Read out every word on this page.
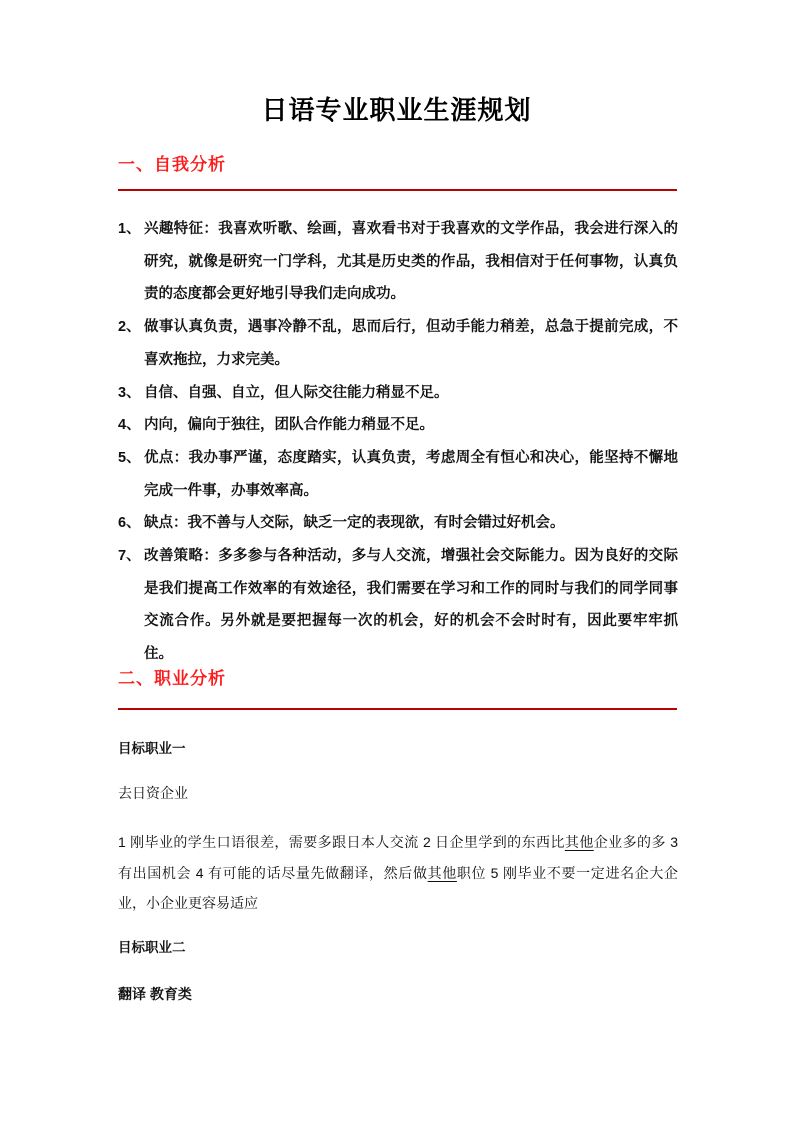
日语专业职业生涯规划
一、自我分析
1、 兴趣特征：我喜欢听歌、绘画，喜欢看书对于我喜欢的文学作品，我会进行深入的研究，就像是研究一门学科，尤其是历史类的作品，我相信对于任何事物，认真负责的态度都会更好地引导我们走向成功。
2、 做事认真负责，遇事冷静不乱，思而后行，但动手能力稍差，总急于提前完成，不喜欢拖拉，力求完美。
3、 自信、自强、自立，但人际交往能力稍显不足。
4、 内向，偏向于独往，团队合作能力稍显不足。
5、 优点：我办事严谨，态度踏实，认真负责，考虑周全有恒心和决心，能坚持不懈地完成一件事，办事效率高。
6、 缺点：我不善与人交际，缺乏一定的表现欲，有时会错过好机会。
7、 改善策略：多多参与各种活动，多与人交流，增强社会交际能力。因为良好的交际是我们提高工作效率的有效途径，我们需要在学习和工作的同时与我们的同学同事交流合作。另外就是要把握每一次的机会，好的机会不会时时有，因此要牢牢抓住。
二、职业分析
目标职业一
去日资企业

1 刚毕业的学生口语很差，需要多跟日本人交流 2 日企里学到的东西比其他企业多的多 3 有出国机会 4 有可能的话尽量先做翻译，然后做其他职位 5 刚毕业不要一定进名企大企业，小企业更容易适应

目标职业二
翻译 教育类
